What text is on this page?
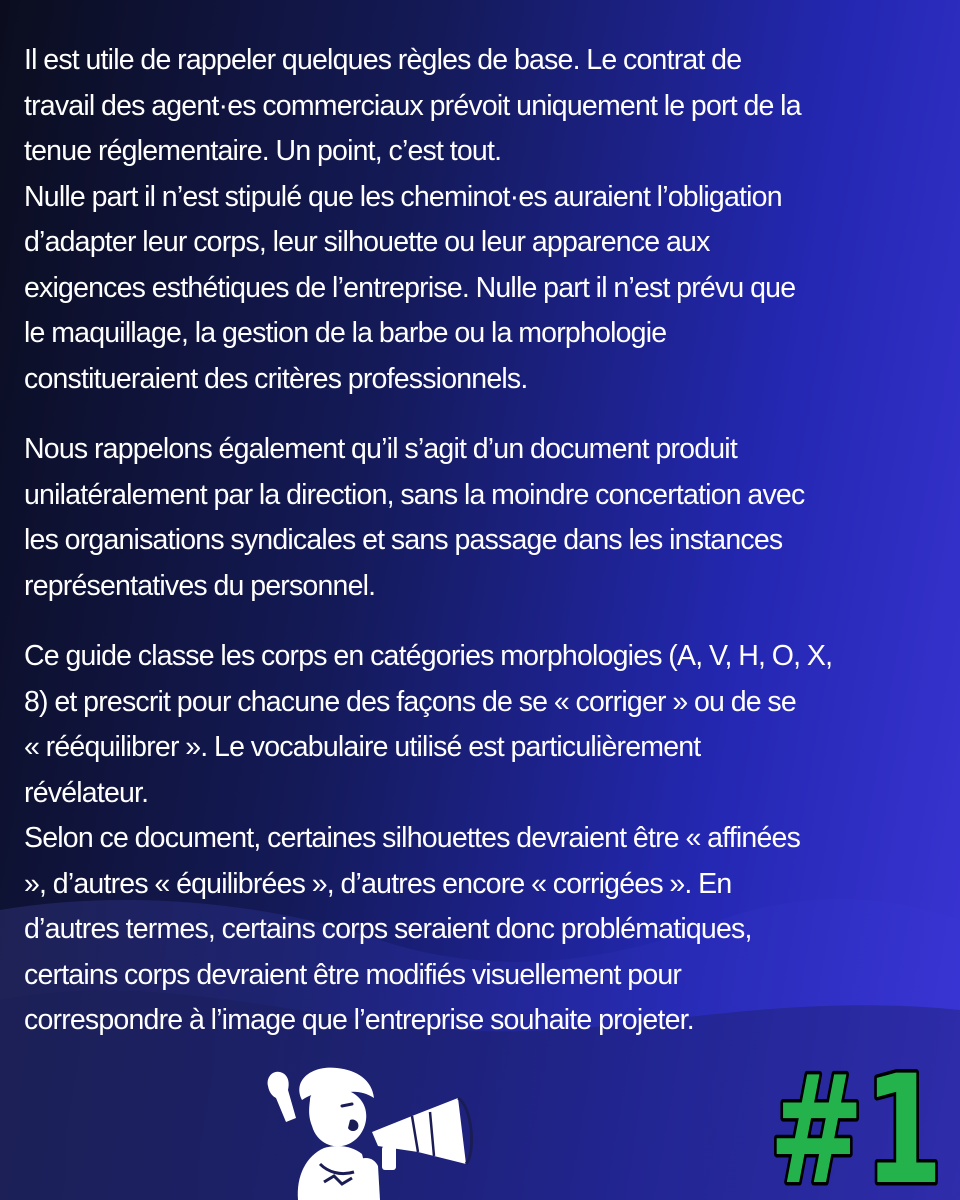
Il est utile de rappeler quelques règles de base. Le contrat de
travail des agent·es commerciaux prévoit uniquement le port de la
tenue réglementaire. Un point, c’est tout.
Nulle part il n’est stipulé que les cheminot·es auraient l’obligation
d’adapter leur corps, leur silhouette ou leur apparence aux
exigences esthétiques de l’entreprise. Nulle part il n’est prévu que
le maquillage, la gestion de la barbe ou la morphologie
constitueraient des critères professionnels.

Nous rappelons également qu’il s’agit d’un document produit
unilatéralement par la direction, sans la moindre concertation avec
les organisations syndicales et sans passage dans les instances
représentatives du personnel.

Ce guide classe les corps en catégories morphologies (A, V, H, O, X,
8) et prescrit pour chacune des façons de se « corriger » ou de se
« rééquilibrer ». Le vocabulaire utilisé est particulièrement
révélateur.
Selon ce document, certaines silhouettes devraient être « affinées
», d’autres « équilibrées », d’autres encore « corrigées ». En
d’autres termes, certains corps seraient donc problématiques,
certains corps devraient être modifiés visuellement pour
correspondre à l’image que l’entreprise souhaite projeter.

#1
